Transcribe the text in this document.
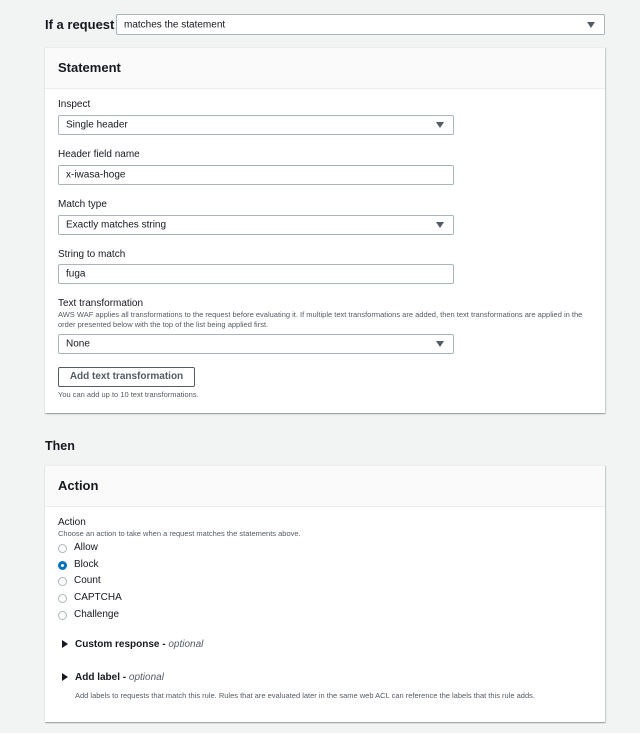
If a request matches the statement
Statement
Inspect
Single header
Header field name
x-iwasa-hoge
Match type
Exactly matches string
String to match
fuga
Text transformation
AWS WAF applies all transformations to the request before evaluating it. If multiple text transformations are added, then text transformations are applied in the order presented below with the top of the list being applied first.
None
Add text transformation
You can add up to 10 text transformations.
Then
Action
Action
Choose an action to take when a request matches the statements above.
Allow
Block
Count
CAPTCHA
Challenge
Custom response - optional
Add label - optional
Add labels to requests that match this rule. Rules that are evaluated later in the same web ACL can reference the labels that this rule adds.
